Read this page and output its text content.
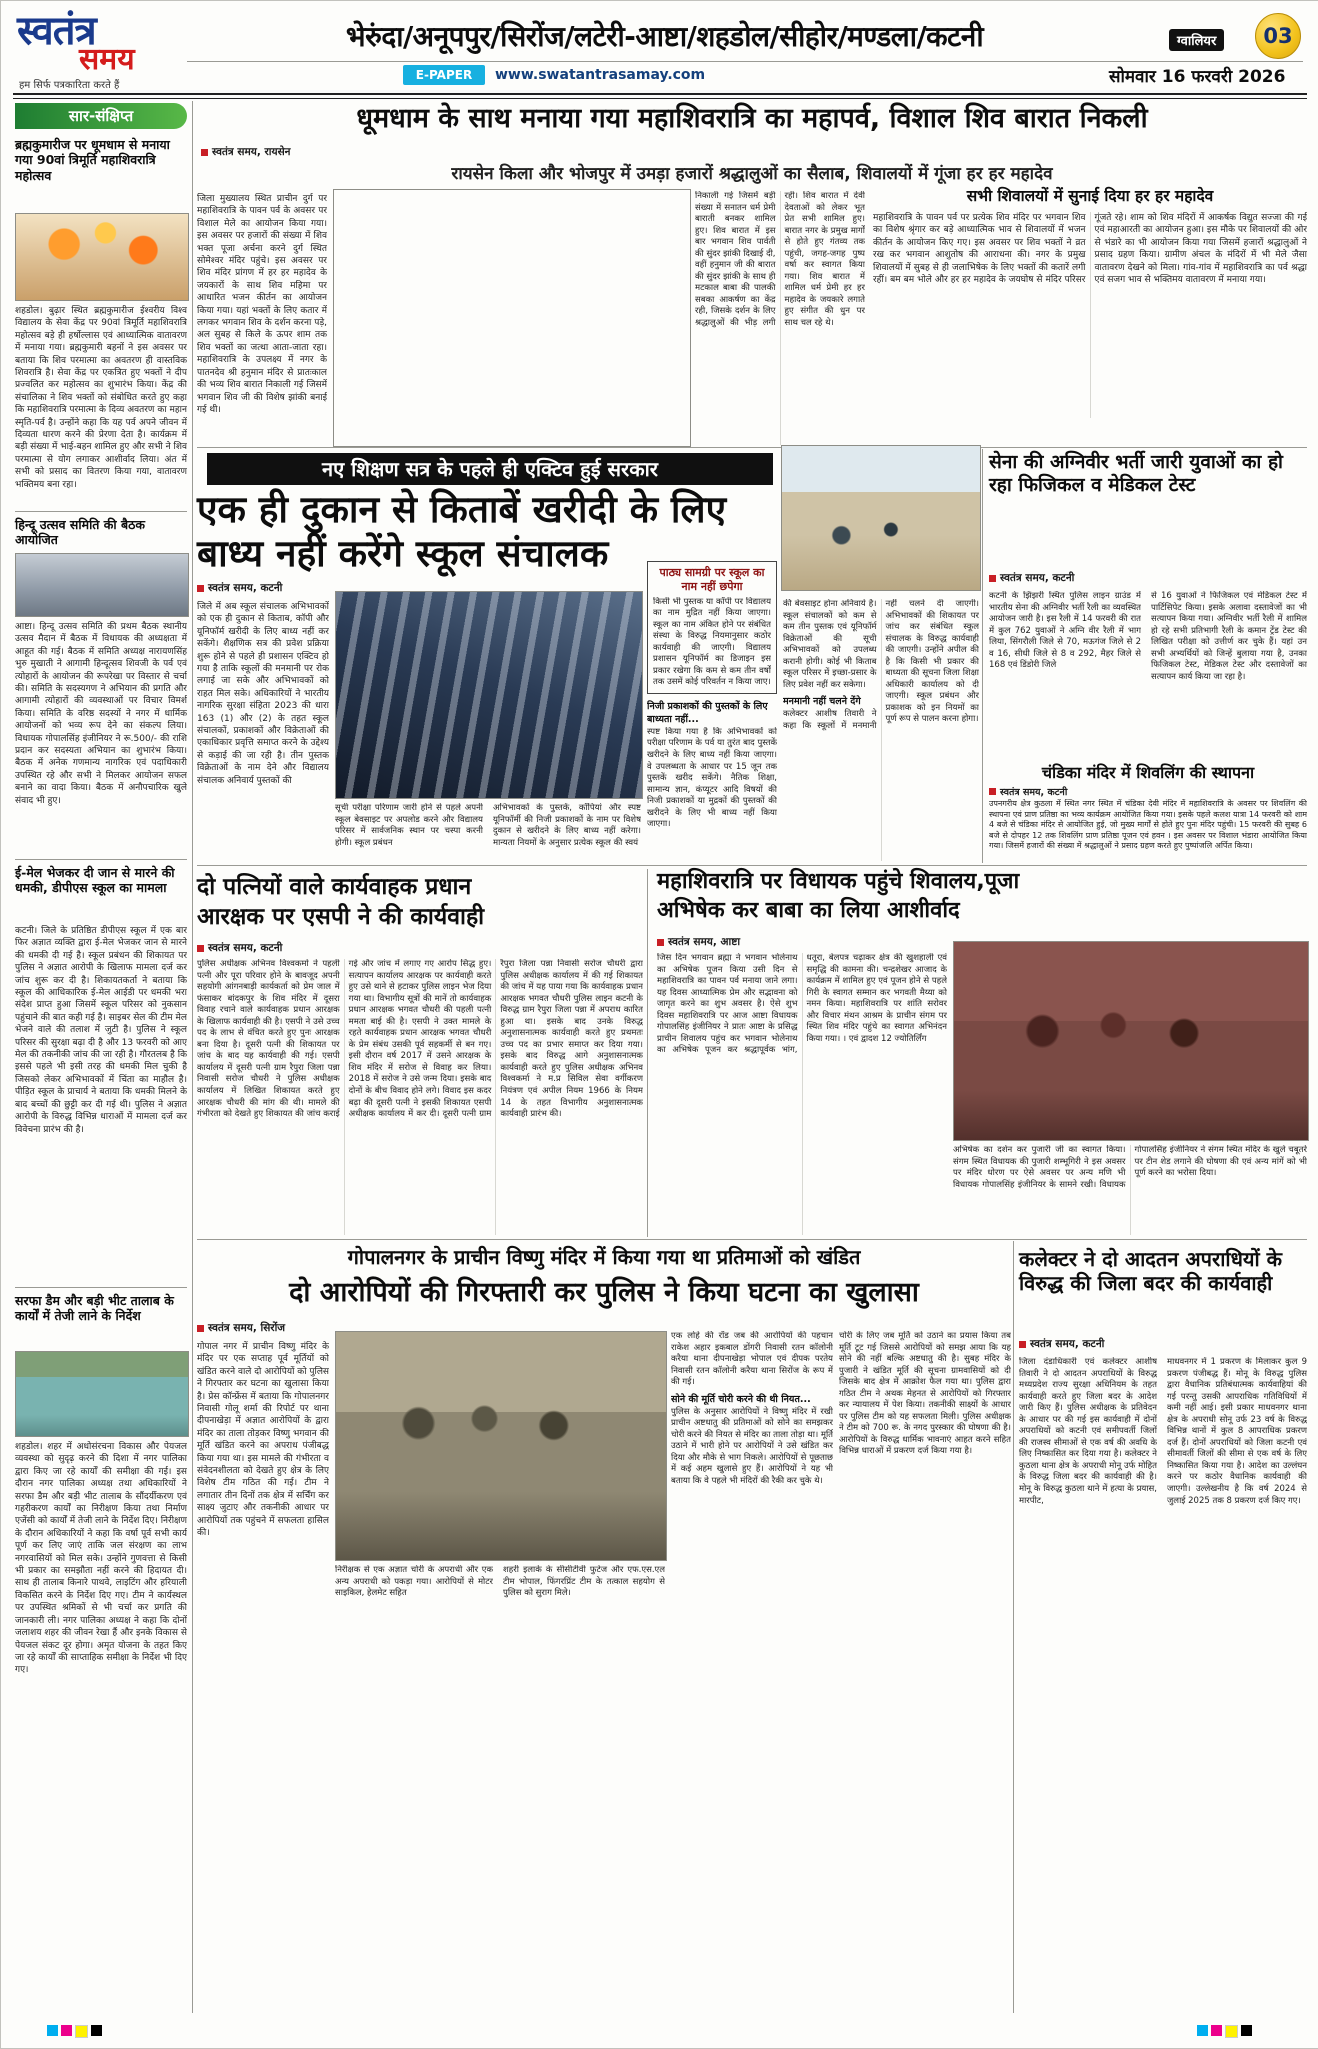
स्वतंत्र
समय
हम सिर्फ पत्रकारिता करते हैं
भेरुंदा/अनूपपुर/सिरोंज/लटेरी-आष्टा/शहडोल/सीहोर/मण्डला/कटनी	ग्वालियर	03
E-PAPER	www.swatantrasamay.com	सोमवार 16 फरवरी 2026
सार-संक्षिप्त
ब्रह्मकुमारीज पर धूमधाम से मनाया गया 90वां त्रिमूर्ति महाशिवरात्रि महोत्सव
शहडोल। बुढ़ार स्थित ब्रह्मकुमारीज ईश्वरीय विश्व विद्यालय के सेवा केंद्र पर 90वां त्रिमूर्ति महाशिवरात्रि महोत्सव बड़े ही हर्षोल्लास एवं आध्यात्मिक वातावरण में मनाया गया। ब्रह्मकुमारी बहनों ने इस अवसर पर बताया कि शिव परमात्मा का अवतरण ही वास्तविक शिवरात्रि है। सेवा केंद्र पर एकत्रित हुए भक्तों ने दीप प्रज्वलित कर महोत्सव का शुभारंभ किया। केंद्र की संचालिका ने शिव भक्तों को संबोधित करते हुए कहा कि महाशिवरात्रि परमात्मा के दिव्य अवतरण का महान स्मृति-पर्व है। उन्होंने कहा कि यह पर्व अपने जीवन में दिव्यता धारण करने की प्रेरणा देता है। कार्यक्रम में बड़ी संख्या में भाई-बहन शामिल हुए और सभी ने शिव परमात्मा से योग लगाकर आशीर्वाद लिया। अंत में सभी को प्रसाद का वितरण किया गया, वातावरण भक्तिमय बना रहा।
हिन्दू उत्सव समिति की बैठक आयोजित
आष्टा। हिन्दू उत्सव समिति की प्रथम बैठक स्थानीय उत्सव मैदान में बैठक में विधायक की अध्यक्षता में आहूत की गई। बैठक में समिति अध्यक्ष नारायणसिंह भुरु मुखाती ने आगामी हिन्दूत्सव शिवजी के पर्व एवं त्योहारों के आयोजन की रूपरेखा पर विस्तार से चर्चा की। समिति के सदस्यगण ने अभियान की प्रगति और आगामी त्योहारों की व्यवस्थाओं पर विचार विमर्श किया। समिति के वरिष्ठ सदस्यों ने नगर में धार्मिक आयोजनों को भव्य रूप देने का संकल्प लिया। विधायक गोपालसिंह इंजीनियर ने रू.500/- की राशि प्रदान कर सदस्यता अभियान का शुभारंभ किया। बैठक में अनेक गणमान्य नागरिक एवं पदाधिकारी उपस्थित रहे और सभी ने मिलकर आयोजन सफल बनाने का वादा किया। बैठक में अनौपचारिक खुले संवाद भी हुए।
ई-मेल भेजकर दी जान से मारने की धमकी, डीपीएस स्कूल का मामला
कटनी। जिले के प्रतिष्ठित डीपीएस स्कूल में एक बार फिर अज्ञात व्यक्ति द्वारा ई-मेल भेजकर जान से मारने की धमकी दी गई है। स्कूल प्रबंधन की शिकायत पर पुलिस ने अज्ञात आरोपी के खिलाफ मामला दर्ज कर जांच शुरू कर दी है। शिकायतकर्ता ने बताया कि स्कूल की आधिकारिक ई-मेल आईडी पर धमकी भरा संदेश प्राप्त हुआ जिसमें स्कूल परिसर को नुकसान पहुंचाने की बात कही गई है। साइबर सेल की टीम मेल भेजने वाले की तलाश में जुटी है। पुलिस ने स्कूल परिसर की सुरक्षा बढ़ा दी है और 13 फरवरी को आए मेल की तकनीकी जांच की जा रही है। गौरतलब है कि इससे पहले भी इसी तरह की धमकी मिल चुकी है जिसको लेकर अभिभावकों में चिंता का माहौल है। पीड़ित स्कूल के प्राचार्य ने बताया कि धमकी मिलने के बाद बच्चों की छुट्टी कर दी गई थी। पुलिस ने अज्ञात आरोपी के विरुद्ध विभिन्न धाराओं में मामला दर्ज कर विवेचना प्रारंभ की है।
सरफा डैम और बड़ी भीट तालाब के कार्यों में तेजी लाने के निर्देश
शहडोल। शहर में अधोसंरचना विकास और पेयजल व्यवस्था को सुदृढ़ करने की दिशा में नगर पालिका द्वारा किए जा रहे कार्यों की समीक्षा की गई। इस दौरान नगर पालिका अध्यक्ष तथा अधिकारियों ने सरफा डैम और बड़ी भीट तालाब के सौंदर्यीकरण एवं गहरीकरण कार्यों का निरीक्षण किया तथा निर्माण एजेंसी को कार्यों में तेजी लाने के निर्देश दिए। निरीक्षण के दौरान अधिकारियों ने कहा कि वर्षा पूर्व सभी कार्य पूर्ण कर लिए जाएं ताकि जल संरक्षण का लाभ नगरवासियों को मिल सके। उन्होंने गुणवत्ता से किसी भी प्रकार का समझौता नहीं करने की हिदायत दी। साथ ही तालाब किनारे पाथवे, लाइटिंग और हरियाली विकसित करने के निर्देश दिए गए। टीम ने कार्यस्थल पर उपस्थित श्रमिकों से भी चर्चा कर प्रगति की जानकारी ली। नगर पालिका अध्यक्ष ने कहा कि दोनों जलाशय शहर की जीवन रेखा हैं और इनके विकास से पेयजल संकट दूर होगा। अमृत योजना के तहत किए जा रहे कार्यों की साप्ताहिक समीक्षा के निर्देश भी दिए गए।
धूमधाम के साथ मनाया गया महाशिवरात्रि का महापर्व, विशाल शिव बारात निकली
स्वतंत्र समय, रायसेन
रायसेन किला और भोजपुर में उमड़ा हजारों श्रद्धालुओं का सैलाब, शिवालयों में गूंजा हर हर महादेव
जिला मुख्यालय स्थित प्राचीन दुर्ग पर महाशिवरात्रि के पावन पर्व के अवसर पर विशाल मेले का आयोजन किया गया। इस अवसर पर हजारों की संख्या में शिव भक्त पूजा अर्चना करने दुर्ग स्थित सोमेश्वर मंदिर पहुंचे। इस अवसर पर शिव मंदिर प्रांगण में हर हर महादेव के जयकारों के साथ शिव महिमा पर आधारित भजन कीर्तन का आयोजन किया गया। यहां भक्तों के लिए कतार में लगकर भगवान शिव के दर्शन करना पड़े, अल सुबह से किले के ऊपर शाम तक शिव भक्तों का जत्था आता-जाता रहा। महाशिवरात्रि के उपलक्ष्य में नगर के पातनदेव श्री हनुमान मंदिर से प्रातःकाल की भव्य शिव बारात निकाली गई जिसमें भगवान शिव जी की विशेष झांकी बनाई गई थी।
निकाली गई जिसमें बड़ी संख्या में सनातन धर्म प्रेमी बाराती बनकर शामिल हुए। शिव बारात में इस बार भगवान शिव पार्वती की सुंदर झांकी दिखाई दी, वहीं हनुमान जी की बारात की सुंदर झांकी के साथ ही मटकाल बाबा की पालकी सबका आकर्षण का केंद्र रही, जिसके दर्शन के लिए श्रद्धालुओं की भीड़ लगी रही। शिव बारात में देवी देवताओं को लेकर भूत प्रेत सभी शामिल हुए। बारात नगर के प्रमुख मार्गों से होते हुए गंतव्य तक पहुंची, जगह-जगह पुष्प वर्षा कर स्वागत किया गया। शिव बारात में शामिल धर्म प्रेमी हर हर महादेव के जयकारे लगाते हुए संगीत की धुन पर साथ चल रहे थे।
सभी शिवालयों में सुनाई दिया हर हर महादेव
महाशिवरात्रि के पावन पर्व पर प्रत्येक शिव मंदिर पर भगवान शिव का विशेष श्रृंगार कर बड़े आध्यात्मिक भाव से शिवालयों में भजन कीर्तन के आयोजन किए गए। इस अवसर पर शिव भक्तों ने व्रत रख कर भगवान आशुतोष की आराधना की। नगर के प्रमुख शिवालयों में सुबह से ही जलाभिषेक के लिए भक्तों की कतारें लगी रहीं। बम बम भोले और हर हर महादेव के जयघोष से मंदिर परिसर गूंजते रहे। शाम को शिव मंदिरों में आकर्षक विद्युत सज्जा की गई एवं महाआरती का आयोजन हुआ। इस मौके पर शिवालयों की ओर से भंडारे का भी आयोजन किया गया जिसमें हजारों श्रद्धालुओं ने प्रसाद ग्रहण किया। ग्रामीण अंचल के मंदिरों में भी मेले जैसा वातावरण देखने को मिला। गांव-गांव में महाशिवरात्रि का पर्व श्रद्धा एवं सजग भाव से भक्तिमय वातावरण में मनाया गया।
नए शिक्षण सत्र के पहले ही एक्टिव हुई सरकार
एक ही दुकान से किताबें खरीदी के लिए
बाध्य नहीं करेंगे स्कूल संचालक
स्वतंत्र समय, कटनी
जिले में अब स्कूल संचालक अभिभावकों को एक ही दुकान से किताब, कॉपी और यूनिफॉर्म खरीदी के लिए बाध्य नहीं कर सकेंगे। शैक्षणिक सत्र की प्रवेश प्रक्रिया शुरू होने से पहले ही प्रशासन एक्टिव हो गया है ताकि स्कूलों की मनमानी पर रोक लगाई जा सके और अभिभावकों को राहत मिल सके। अधिकारियों ने भारतीय नागरिक सुरक्षा संहिता 2023 की धारा 163 (1) और (2) के तहत स्कूल संचालकों, प्रकाशकों और विक्रेताओं की एकाधिकार प्रवृत्ति समाप्त करने के उद्देश्य से कड़ाई की जा रही है। तीन पुस्तक विक्रेताओं के नाम देने और विद्यालय संचालक अनिवार्य पुस्तकों की
सूची परीक्षा परिणाम जारी होने से पहले अपनी स्कूल बेवसाइट पर अपलोड करने और विद्यालय परिसर में सार्वजनिक स्थान पर चस्पा करनी होगी। स्कूल प्रबंधन
अभिभावकों के पुस्तकें, कॉपियां और स्पष्ट यूनिफॉर्मी की निजी प्रकाशकों के नाम पर विशेष दुकान से खरीदने के लिए बाध्य नहीं करेगा। मान्यता नियमों के अनुसार प्रत्येक स्कूल की स्वयं
पाठ्य सामग्री पर स्कूल का नाम नहीं छपेगा
किसी भी पुस्तक या कॉपी पर विद्यालय का नाम मुद्रित नहीं किया जाएगा। स्कूल का नाम अंकित होने पर संबंधित संस्था के विरुद्ध नियमानुसार कठोर कार्यवाही की जाएगी। विद्यालय प्रशासन यूनिफॉर्म का डिजाइन इस प्रकार रखेगा कि कम से कम तीन वर्षों तक उसमें कोई परिवर्तन न किया जाए।
निजी प्रकाशकों की पुस्तकों के लिए बाध्यता नहीं...
स्पष्ट किया गया है कि अभिभावकों को परीक्षा परिणाम के पर्व या तुरंत बाद पुस्तकें खरीदने के लिए बाध्य नहीं किया जाएगा। वे उपलब्धता के आधार पर 15 जून तक पुस्तकें खरीद सकेंगे। नैतिक शिक्षा, सामान्य ज्ञान, कंप्यूटर आदि विषयों की निजी प्रकाशकों या मुद्रकों की पुस्तकों की खरीदने के लिए भी बाध्य नहीं किया जाएगा।
की बेवसाइट होना अनिवार्य है। स्कूल संचालकों को कम से कम तीन पुस्तक एवं यूनिफॉर्म विक्रेताओं की सूची अभिभावकों को उपलब्ध करानी होगी। कोई भी किताब स्कूल परिसर में इच्छा-प्रसार के लिए प्रवेश नहीं कर सकेगा।
मनमानी नहीं चलने देंगे
कलेक्टर आशीष तिवारी ने कहा कि स्कूलों में मनमानी नहीं चलने दी जाएगी। अभिभावकों की शिकायत पर जांच कर संबंधित स्कूल संचालक के विरुद्ध कार्यवाही की जाएगी। उन्होंने अपील की है कि किसी भी प्रकार की बाध्यता की सूचना जिला शिक्षा अधिकारी कार्यालय को दी जाएगी। स्कूल प्रबंधन और प्रकाशक को इन नियमों का पूर्ण रूप से पालन करना होगा।
सेना की अग्निवीर भर्ती जारी युवाओं का हो रहा फिजिकल व मेडिकल टेस्ट
स्वतंत्र समय, कटनी
कटनी के झिंझरी स्थित पुलिस लाइन ग्राउंड में भारतीय सेना की अग्निवीर भर्ती रैली का व्यवस्थित आयोजन जारी है। इस रैली में 14 फरवरी की रात में कुल 762 युवाओं ने अग्नि वीर रैली में भाग लिया, सिंगरौली जिले से 70, मऊगंज जिले से 2 व 16, सीधी जिले से 8 व 292, मैहर जिले से 168 एवं डिंडोरी जिले
से 16 युवाओं ने फिजिकल एवं मेडिकल टेस्ट में पार्टिसिपेट किया। इसके अलावा दस्तावेजों का भी सत्यापन किया गया। अग्निवीर भर्ती रैली में शामिल हो रहे सभी प्रतिभागी रैली के कमान ट्रेंड टेस्ट की लिखित परीक्षा को उत्तीर्ण कर चुके हैं। यहां उन सभी अभ्यर्थियों को जिन्हें बुलाया गया है, उनका फिजिकल टेस्ट, मेडिकल टेस्ट और दस्तावेजों का सत्यापन कार्य किया जा रहा है।
चंडिका मंदिर में शिवलिंग की स्थापना
स्वतंत्र समय, कटनी
उपनगरीय क्षेत्र कुठला में स्थित नगर स्थित में चंडिका देवी मंदिर में महाशिवरात्रि के अवसर पर शिवलिंग की स्थापना एवं प्राण प्रतिष्ठा का भव्य कार्यक्रम आयोजित किया गया। इसके पहले कलश यात्रा 14 फरवरी को शाम 4 बजे से चंडिका मंदिर से आयोजित हुई, जो मुख्य मार्गों से होते हुए पुनः मंदिर पहुंची। 15 फरवरी की सुबह 6 बजे से दोपहर 12 तक शिवलिंग प्राण प्रतिष्ठा पूजन एवं हवन । इस अवसर पर विशाल भंडारा आयोजित किया गया। जिसमें हजारों की संख्या में श्रद्धालुओं ने प्रसाद ग्रहण करते हुए पुष्पांजलि अर्पित किया।
दो पत्नियों वाले कार्यवाहक प्रधान
आरक्षक पर एसपी ने की कार्यवाही
स्वतंत्र समय, कटनी
पुलिस अधीक्षक अभिनव विश्वकर्मा ने पहली पत्नी और पूरा परिवार होने के बावजूद अपनी सहयोगी आंगनबाड़ी कार्यकर्ता को प्रेम जाल में फंसाकर बांदकपुर के शिव मंदिर में दूसरा विवाह रचाने वाले कार्यवाहक प्रधान आरक्षक के खिलाफ कार्यवाही की है। एसपी ने उसे उच्च पद के लाभ से वंचित करते हुए पुनः आरक्षक बना दिया है। दूसरी पत्नी की शिकायत पर जांच के बाद यह कार्यवाही की गई। एसपी कार्यालय में दूसरी पत्नी ग्राम रैपुरा जिला पन्ना निवासी सरोज चौधरी ने पुलिस अधीक्षक कार्यालय में लिखित शिकायत करते हुए आरक्षक चौधरी की मांग की थी। मामले की गंभीरता को देखते हुए शिकायत की जांच कराई गई और जांच में लगाए गए आरोप सिद्ध हुए। सत्यापन कार्यालय आरक्षक पर कार्यवाही करते हुए उसे थाने से हटाकर पुलिस लाइन भेज दिया गया था। विभागीय सूत्रों की मानें तो कार्यवाहक प्रधान आरक्षक भगवत चौधरी की पहली पत्नी ममता बाई की है। एसपी ने उक्त मामले के रहते कार्यवाहक प्रधान आरक्षक भगवत चौधरी के प्रेम संबंध उसकी पूर्व सहकर्मी से बन गए। इसी दौरान वर्ष 2017 में उसने आरक्षक के शिव मंदिर में सरोज से विवाह कर लिया। 2018 में सरोज ने उसे जन्म दिया। इसके बाद दोनों के बीच विवाद होने लगे। विवाद इस कदर बढ़ा की दूसरी पत्नी ने इसकी शिकायत एसपी अधीक्षक कार्यालय में कर दी। दूसरी पत्नी ग्राम रैपुरा जिला पन्ना निवासी सरोज चौधरी द्वारा पुलिस अधीक्षक कार्यालय में की गई शिकायत की जांच में यह पाया गया कि कार्यवाहक प्रधान आरक्षक भगवत चौधरी पुलिस लाइन कटनी के विरुद्ध ग्राम रैपुरा जिला पन्ना में अपराध कारित हुआ था। इसके बाद उनके विरुद्ध अनुशासनात्मक कार्यवाही करते हुए प्रथमतः उच्च पद का प्रभार समाप्त कर दिया गया। इसके बाद विरुद्ध आगे अनुशासनात्मक कार्यवाही करते हुए पुलिस अधीक्षक अभिनव विश्वकर्मा ने म.प्र सिविल सेवा वर्गीकरण नियंत्रण एवं अपील नियम 1966 के नियम 14 के तहत विभागीय अनुशासनात्मक कार्यवाही प्रारंभ की।
महाशिवरात्रि पर विधायक पहुंचे शिवालय,पूजा
अभिषेक कर बाबा का लिया आशीर्वाद
स्वतंत्र समय, आष्टा
जिस दिन भगवान ब्रह्मा ने भगवान भोलेनाथ का अभिषेक पूजन किया उसी दिन से महाशिवरात्रि का पावन पर्व मनाया जाने लगा। यह दिवस आध्यात्मिक प्रेम और सद्भावना को जागृत करने का शुभ अवसर है। ऐसे शुभ दिवस महाशिवरात्रि पर आज आष्टा विधायक गोपालसिंह इंजीनियर ने प्रातः आष्टा के प्रसिद्ध प्राचीन शिवालय पहुंच कर भगवान भोलेनाथ का अभिषेक पूजन कर श्रद्धापूर्वक भांग, धतूरा, बेलपत्र चढ़ाकर क्षेत्र की खुशहाली एवं समृद्धि की कामना की। चन्द्रशेखर आजाद के कार्यक्रम में शामिल हुए एवं पूजन होने से पहले गिरी के स्वागत सम्मान कर भगवती मैय्या को नमन किया। महाशिवरात्रि पर शांति सरोवर और विचार मंथन आश्रम के प्राचीन संगम पर स्थित शिव मंदिर पहुंचे का स्वागत अभिनंदन किया गया। । एवं द्वादश 12 ज्योतिर्लिंग
अभिषेक का दर्शन कर पुजारी जी का स्वागत किया। संगम स्थित विधायक की पुजारी शम्भूगिरी ने इस अवसर पर मंदिर धोरण पर ऐसे अवसर पर अन्य मणि भी विधायक गोपालसिंह इंजीनियर के सामने रखी। विधायक गोपालसिंह इंजीनियर ने संगम स्थित मंदिर के खुले चबूतरे पर टीन शेड लगाने की घोषणा की एवं अन्य मांगें को भी पूर्ण करने का भरोसा दिया।
गोपालनगर के प्राचीन विष्णु मंदिर में किया गया था प्रतिमाओं को खंडित
दो आरोपियों की गिरफ्तारी कर पुलिस ने किया घटना का खुलासा
स्वतंत्र समय, सिरोंज
गोपाल नगर में प्राचीन विष्णु मंदिर के मंदिर पर एक सप्ताह पूर्व मूर्तियों को खंडित करने वाले दो आरोपियों को पुलिस ने गिरफ्तार कर घटना का खुलासा किया है। प्रेस कॉन्फ्रेंस में बताया कि गोपालनगर निवासी गोलू शर्मा की रिपोर्ट पर थाना दीपनाखेड़ा में अज्ञात आरोपियों के द्वारा मंदिर का ताला तोड़कर विष्णु भगवान की मूर्ति खंडित करने का अपराध पंजीबद्ध किया गया था। इस मामले की गंभीरता व संवेदनशीलता को देखते हुए क्षेत्र के लिए विशेष टीम गठित की गई। टीम ने लगातार तीन दिनों तक क्षेत्र में सर्चिंग कर साक्ष्य जुटाए और तकनीकी आधार पर आरोपियों तक पहुंचने में सफलता हासिल की।
निरीक्षक से एक अज्ञात चोरी के अपराधी और एक अन्य अपराधी को पकड़ा गया। आरोपियों से मोटर साइकिल, हेलमेट सहित
शहरी इलाके के सीसीटीवी फुटेज और एफ.एस.एल टीम भोपाल, फिंगरप्रिंट टीम के तत्काल सहयोग से पुलिस को सुराग मिले।
एक लोहे की रॉड जब की आरोपियों की पहचान राकेश अहार इकबाल डोंगरी निवासी रतन कॉलोनी करैया थाना दीपनाखेड़ा भोपाल एवं दीपक परतेय निवासी रतन कॉलोनी करैया थाना सिरोंज के रूप में की गई।
सोने की मूर्ति चोरी करने की थी नियत...
पुलिस के अनुसार आरोपियों ने विष्णु मंदिर में रखी प्राचीन अष्टधातु की प्रतिमाओं को सोने का समझकर चोरी करने की नियत से मंदिर का ताला तोड़ा था। मूर्ति उठाने में भारी होने पर आरोपियों ने उसे खंडित कर दिया और मौके से भाग निकले। आरोपियों से पूछताछ में कई अहम खुलासे हुए हैं। आरोपियों ने यह भी बताया कि वे पहले भी मंदिरों की रैकी कर चुके थे।
चोरी के लिए जब मूर्ति को उठाने का प्रयास किया तब मूर्ति टूट गई जिससे आरोपियों को समझ आया कि यह सोने की नहीं बल्कि अष्टधातु की है। सुबह मंदिर के पुजारी ने खंडित मूर्ति की सूचना ग्रामवासियों को दी जिसके बाद क्षेत्र में आक्रोश फैल गया था। पुलिस द्वारा गठित टीम ने अथक मेहनत से आरोपियों को गिरफ्तार कर न्यायालय में पेश किया। तकनीकी साक्ष्यों के आधार पर पुलिस टीम को यह सफलता मिली। पुलिस अधीक्षक ने टीम को 700 रू. के नगद पुरस्कार की घोषणा की है। आरोपियों के विरुद्ध धार्मिक भावनाएं आहत करने सहित विभिन्न धाराओं में प्रकरण दर्ज किया गया है।
कलेक्टर ने दो आदतन अपराधियों के विरुद्ध की जिला बदर की कार्यवाही
स्वतंत्र समय, कटनी
जिला दंडाधिकारी एवं कलेक्टर आशीष तिवारी ने दो आदतन अपराधियों के विरुद्ध मध्यप्रदेश राज्य सुरक्षा अधिनियम के तहत कार्यवाही करते हुए जिला बदर के आदेश जारी किए हैं। पुलिस अधीक्षक के प्रतिवेदन के आधार पर की गई इस कार्यवाही में दोनों अपराधियों को कटनी एवं समीपवर्ती जिलों की राजस्व सीमाओं से एक वर्ष की अवधि के लिए निष्कासित कर दिया गया है। कलेक्टर ने कुठला थाना क्षेत्र के अपराधी मोनू उर्फ मोहित के विरुद्ध जिला बदर की कार्यवाही की है। मोनू के विरुद्ध कुठला थाने में हत्या के प्रयास, मारपीट,
माधवनगर में 1 प्रकरण के मिलाकर कुल 9 प्रकरण पंजीबद्ध हैं। मोनू के विरुद्ध पुलिस द्वारा वैधानिक प्रतिबंधात्मक कार्यवाहियां की गई परन्तु उसकी आपराधिक गतिविधियों में कमी नहीं आई। इसी प्रकार माधवनगर थाना क्षेत्र के अपराधी सोनू उर्फ 23 वर्ष के विरुद्ध विभिन्न थानों में कुल 8 आपराधिक प्रकरण दर्ज हैं। दोनों अपराधियों को जिला कटनी एवं सीमावर्ती जिलों की सीमा से एक वर्ष के लिए निष्कासित किया गया है। आदेश का उल्लंघन करने पर कठोर वैधानिक कार्यवाही की जाएगी। उल्लेखनीय है कि वर्ष 2024 से जुलाई 2025 तक 8 प्रकरण दर्ज किए गए।
